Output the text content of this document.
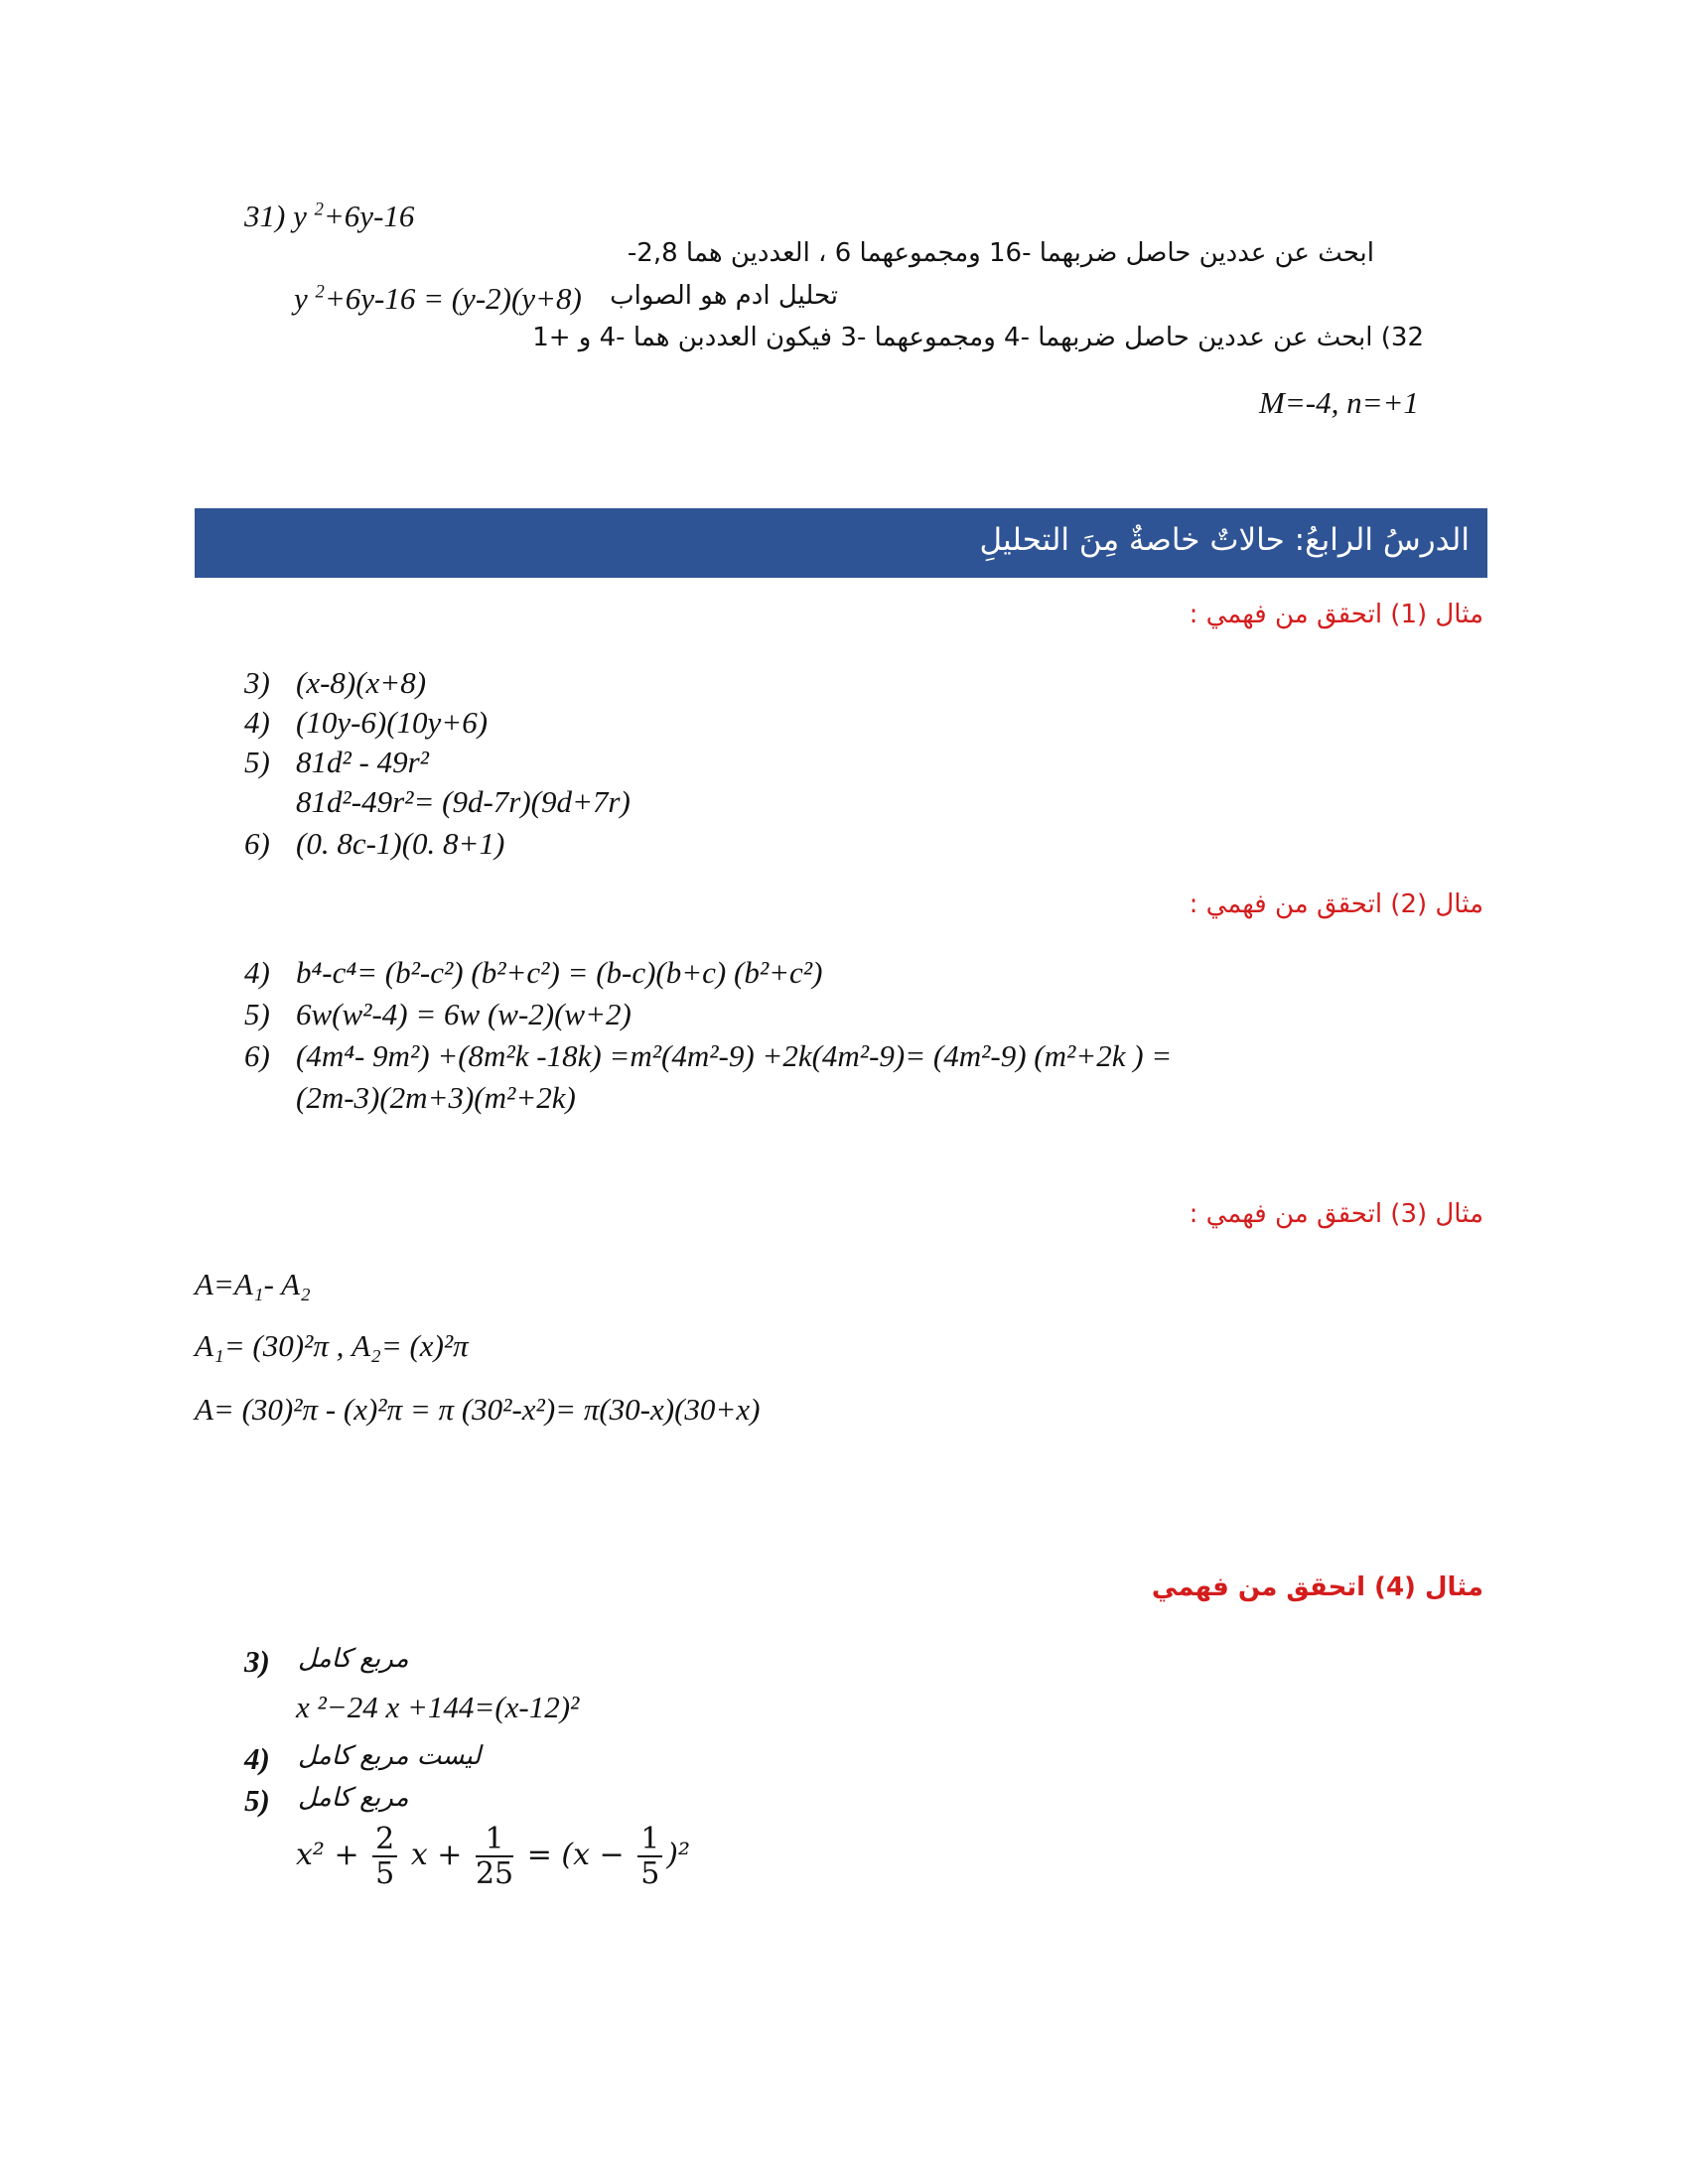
31) y $^2$+6y-16
ابحث عن عددين حاصل ضربهما -16 ومجموعهما 6 ، العددين هما 2,8-
y $^2$+6y-16 = (y-2)(y+8) تحليل ادم هو الصواب
32) ابحث عن عددين حاصل ضربهما -4 ومجموعهما -3 فيكون العددبن هما -4 و +1
M=-4, n=+1
الدرسُ الرابعُ: حالاتٌ خاصةٌ مِنَ التحليلِ
مثال (1) اتحقق من فهمي :
3) (x-8)(x+8)
4) (10y-6)(10y+6)
5) 81d² - 49r²
81d²-49r²= (9d-7r)(9d+7r)
6) (0. 8c-1)(0. 8+1)
مثال (2) اتحقق من فهمي :
4) b⁴-c⁴= (b²-c²) (b²+c²) = (b-c)(b+c) (b²+c²)
5) 6w(w²-4) = 6w (w-2)(w+2)
6) (4m⁴- 9m²) +(8m²k -18k) =m²(4m²-9) +2k(4m²-9)= (4m²-9) (m²+2k ) =
(2m-3)(2m+3)(m²+2k)
مثال (3) اتحقق من فهمي :
A=A₁- A₂
A₁= (30)²π , A₂= (x)²π
A= (30)²π - (x)²π = π (30²-x²)= π(30-x)(30+x)
مثال (4) اتحقق من فهمي
3) مربع كامل
x ²−24 x +144=(x-12)²
4) ليست مربع كامل
5) مربع كامل
$x^2 + \frac{2}{5}$ $x + \frac{1}{25} = (x - \frac{1}{5} )^2$
